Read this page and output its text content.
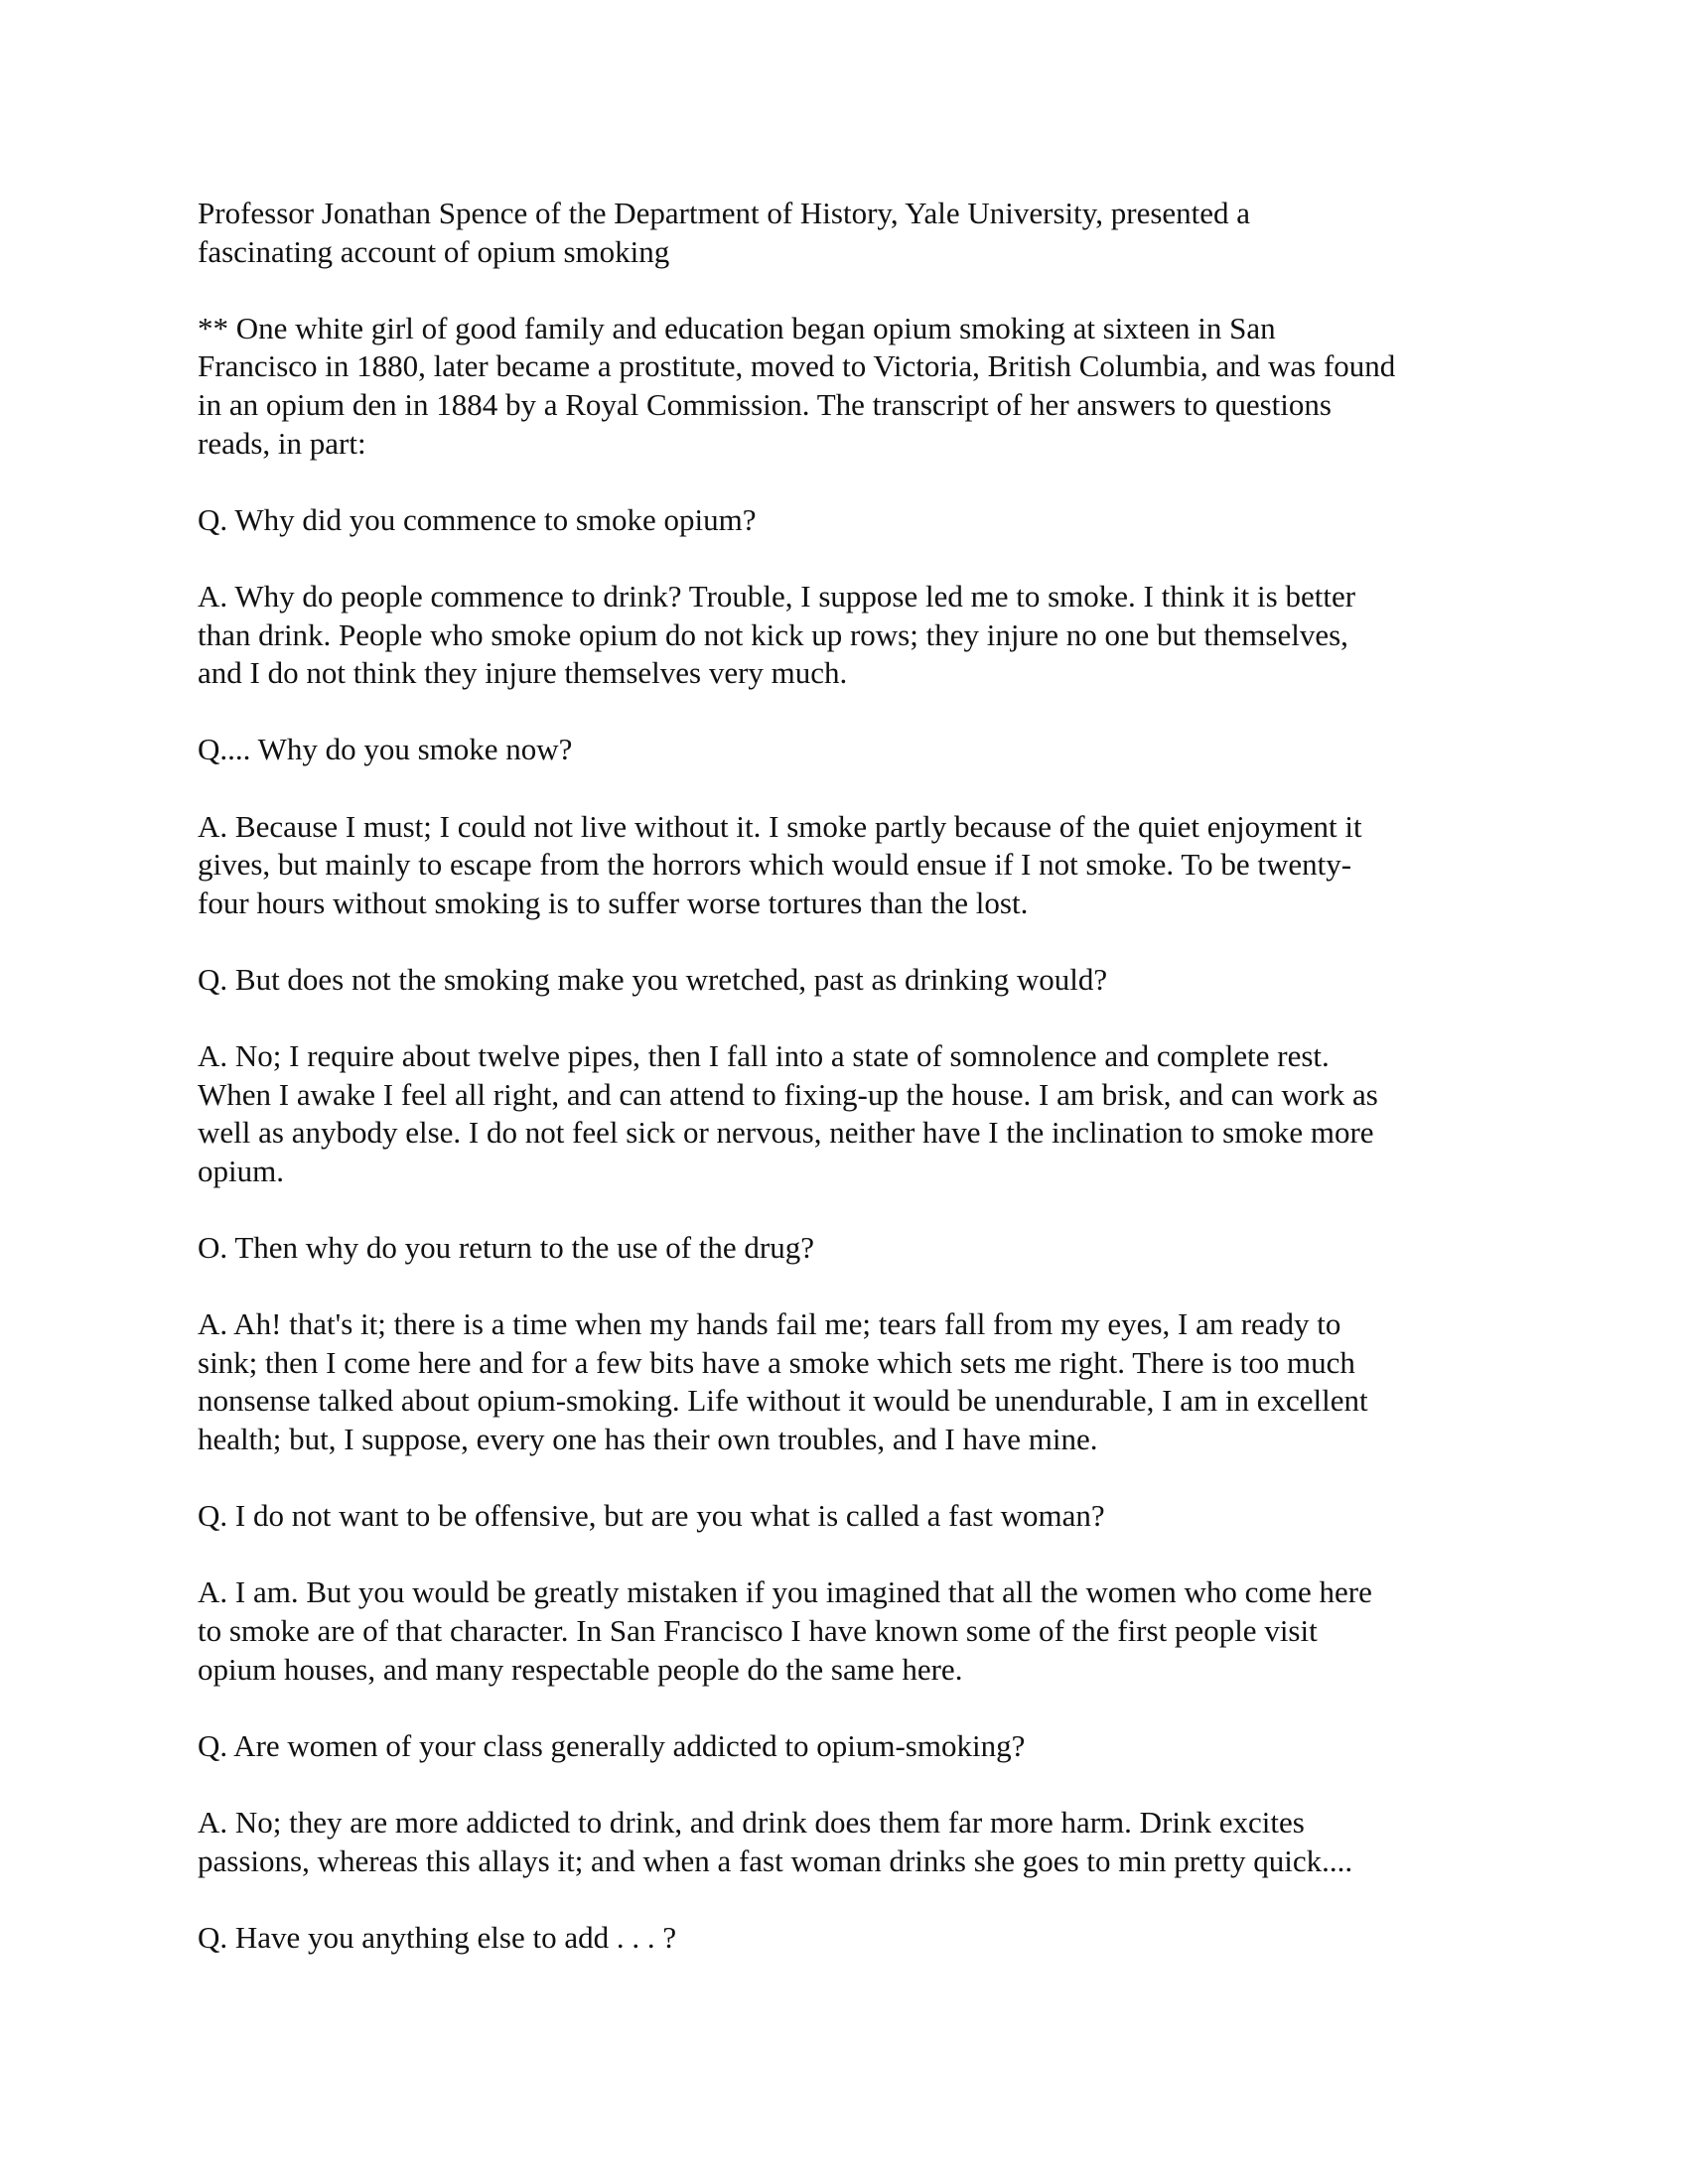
Professor Jonathan Spence of the Department of History, Yale University, presented a
fascinating account of opium smoking

** One white girl of good family and education began opium smoking at sixteen in San
Francisco in 1880, later became a prostitute, moved to Victoria, British Columbia, and was found
in an opium den in 1884 by a Royal Commission. The transcript of her answers to questions
reads, in part:

Q. Why did you commence to smoke opium?

A. Why do people commence to drink? Trouble, I suppose led me to smoke. I think it is better
than drink. People who smoke opium do not kick up rows; they injure no one but themselves,
and I do not think they injure themselves very much.

Q.... Why do you smoke now?

A. Because I must; I could not live without it. I smoke partly because of the quiet enjoyment it
gives, but mainly to escape from the horrors which would ensue if I not smoke. To be twenty-
four hours without smoking is to suffer worse tortures than the lost.

Q. But does not the smoking make you wretched, past as drinking would?

A. No; I require about twelve pipes, then I fall into a state of somnolence and complete rest.
When I awake I feel all right, and can attend to fixing-up the house. I am brisk, and can work as
well as anybody else. I do not feel sick or nervous, neither have I the inclination to smoke more
opium.

O. Then why do you return to the use of the drug?

A. Ah! that's it; there is a time when my hands fail me; tears fall from my eyes, I am ready to
sink; then I come here and for a few bits have a smoke which sets me right. There is too much
nonsense talked about opium-smoking. Life without it would be unendurable, I am in excellent
health; but, I suppose, every one has their own troubles, and I have mine.

Q. I do not want to be offensive, but are you what is called a fast woman?

A. I am. But you would be greatly mistaken if you imagined that all the women who come here
to smoke are of that character. In San Francisco I have known some of the first people visit
opium houses, and many respectable people do the same here.

Q. Are women of your class generally addicted to opium-smoking?

A. No; they are more addicted to drink, and drink does them far more harm. Drink excites
passions, whereas this allays it; and when a fast woman drinks she goes to min pretty quick....

Q. Have you anything else to add . . . ?
